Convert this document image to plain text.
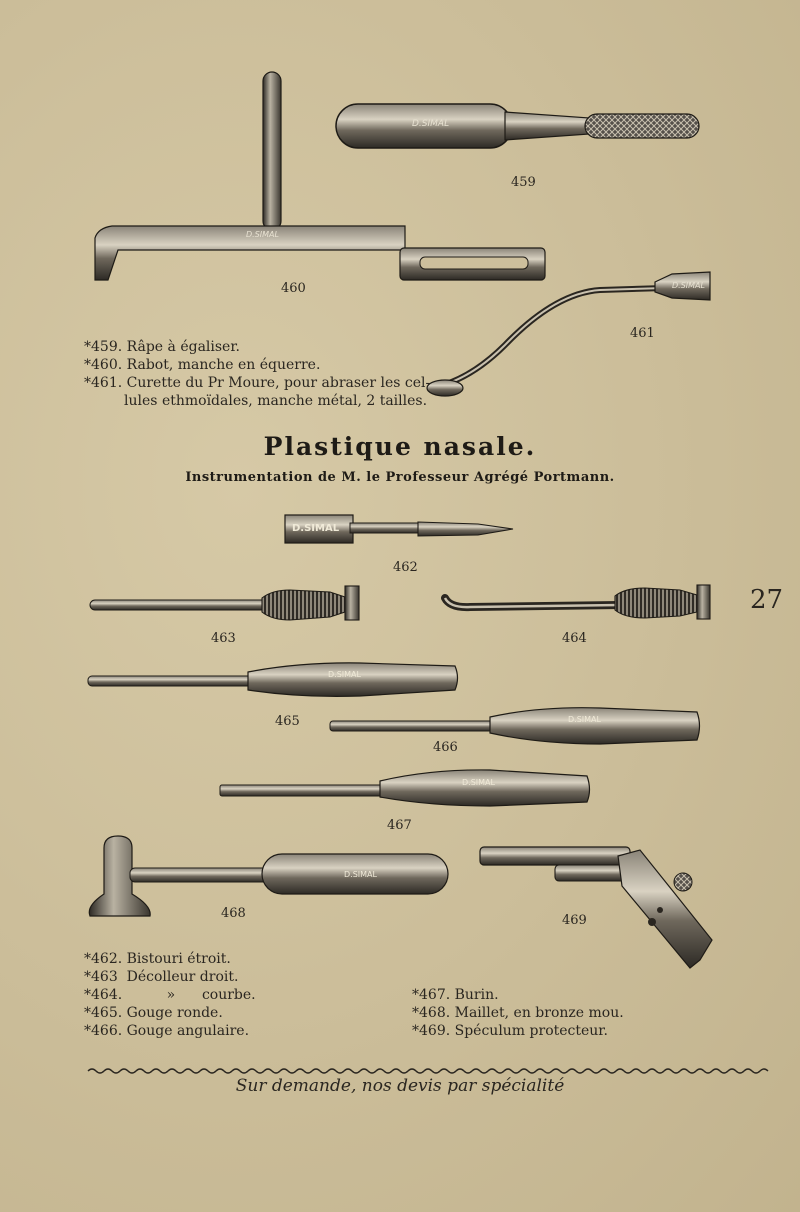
D.SIMAL
D.SIMAL
D.SIMAL
D.SIMAL
D.SIMAL
D.SIMAL
D.SIMAL
D.SIMAL
459
460
461
462
463	464
465
466
467
468	469
*459. Râpe à égaliser.
*460. Rabot, manche en équerre.
*461. Curette du Pr Moure, pour abraser les cel-
lules ethmoïdales, manche métal, 2 tailles.
Plastique nasale.
Instrumentation de M. le Professeur Agrégé Portmann.
27
*462. Bistouri étroit.
*463  Décolleur droit.
*464.          »      courbe.
*465. Gouge ronde.
*466. Gouge angulaire.
*467. Burin.
*468. Maillet, en bronze mou.
*469. Spéculum protecteur.
Sur demande, nos devis par spécialité
